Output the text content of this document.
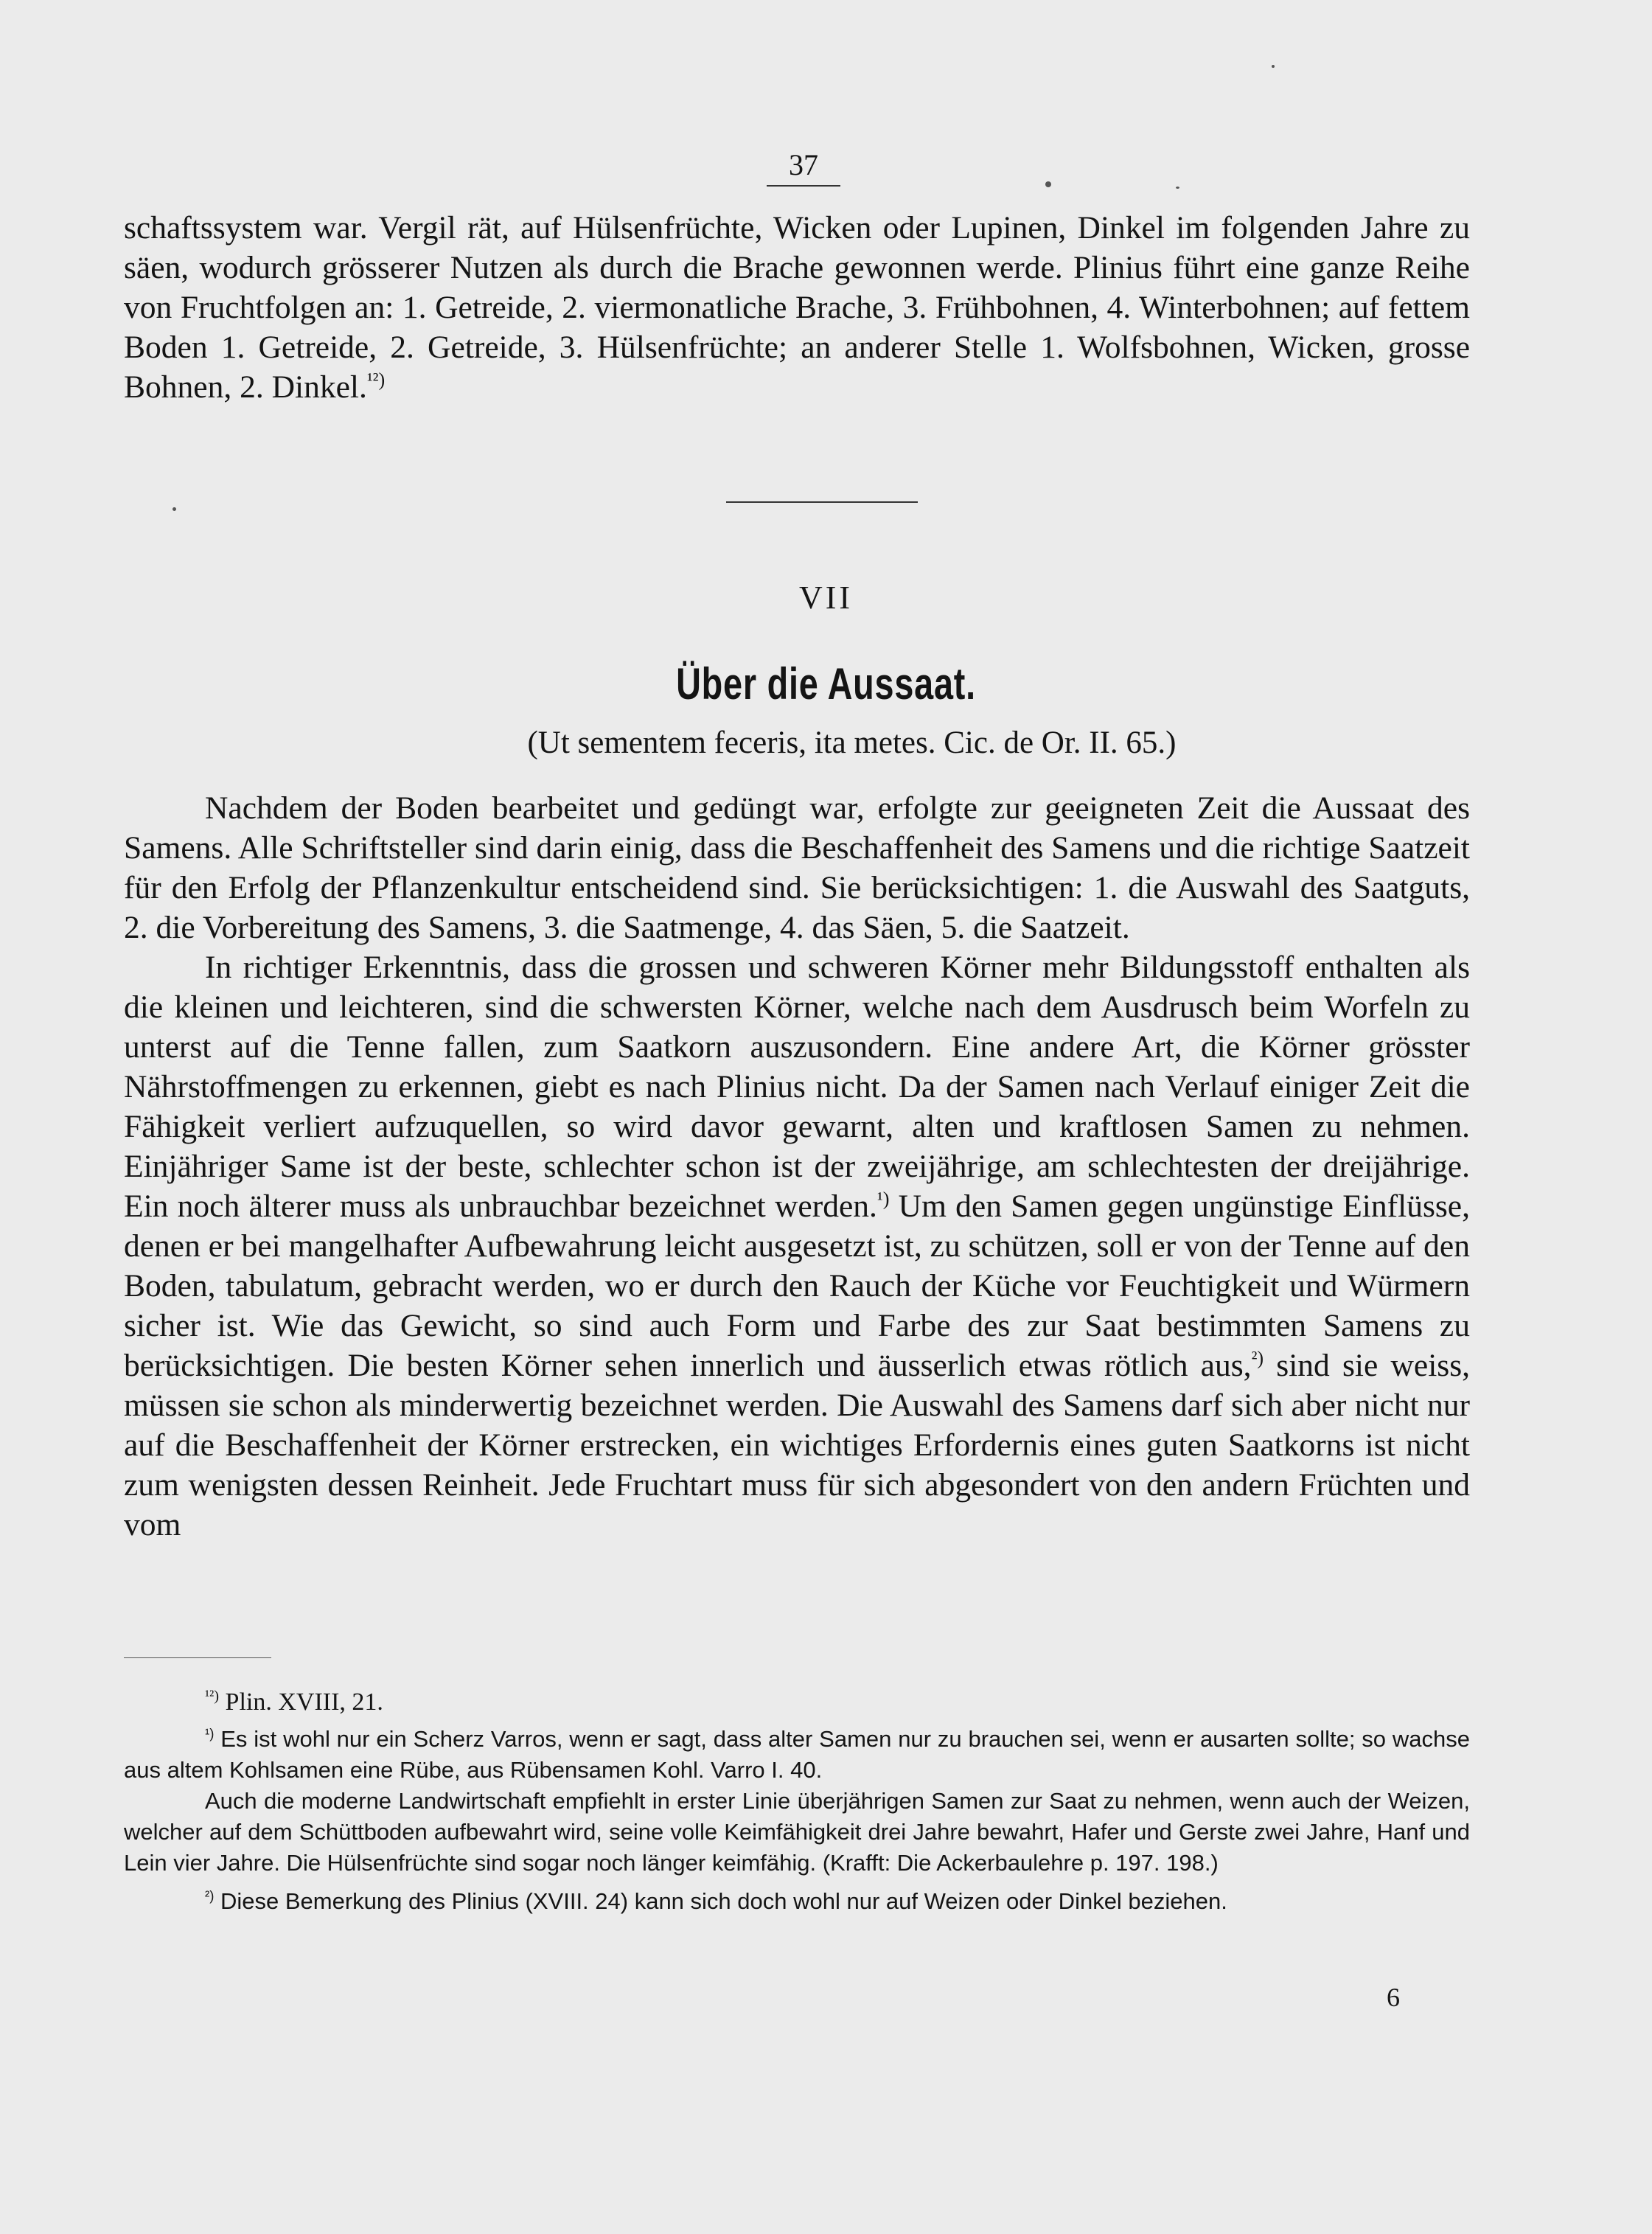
37

schaftssystem war. Vergil rät, auf Hülsenfrüchte, Wicken oder Lupinen, Dinkel im folgenden Jahre zu säen, wodurch grösserer Nutzen als durch die Brache gewonnen werde. Plinius führt eine ganze Reihe von Fruchtfolgen an: 1. Getreide, 2. viermonatliche Brache, 3. Frühbohnen, 4. Winterbohnen; auf fettem Boden 1. Getreide, 2. Getreide, 3. Hülsenfrüchte; an anderer Stelle 1. Wolfsbohnen, Wicken, grosse Bohnen, 2. Dinkel.$^{^{12})}$

VII
Über die Aussaat.
(Ut sementem feceris, ita metes. Cic. de Or. II. 65.)

Nachdem der Boden bearbeitet und gedüngt war, erfolgte zur geeigneten Zeit die Aussaat des Samens. Alle Schriftsteller sind darin einig, dass die Beschaffenheit des Samens und die richtige Saatzeit für den Erfolg der Pflanzenkultur entscheidend sind. Sie berücksichtigen: 1. die Auswahl des Saatguts, 2. die Vorbereitung des Samens, 3. die Saatmenge, 4. das Säen, 5. die Saatzeit.

In richtiger Erkenntnis, dass die grossen und schweren Körner mehr Bildungsstoff enthalten als die kleinen und leichteren, sind die schwersten Körner, welche nach dem Ausdrusch beim Worfeln zu unterst auf die Tenne fallen, zum Saatkorn auszusondern. Eine andere Art, die Körner grösster Nährstoffmengen zu erkennen, giebt es nach Plinius nicht. Da der Samen nach Verlauf einiger Zeit die Fähigkeit verliert aufzuquellen, so wird davor gewarnt, alten und kraftlosen Samen zu nehmen. Einjähriger Same ist der beste, schlechter schon ist der zweijährige, am schlechtesten der dreijährige. Ein noch älterer muss als unbrauchbar bezeichnet werden.$^{^1)}$ Um den Samen gegen ungünstige Einflüsse, denen er bei mangelhafter Aufbewahrung leicht ausgesetzt ist, zu schützen, soll er von der Tenne auf den Boden, tabulatum, gebracht werden, wo er durch den Rauch der Küche vor Feuchtigkeit und Würmern sicher ist. Wie das Gewicht, so sind auch Form und Farbe des zur Saat bestimmten Samens zu berücksichtigen. Die besten Körner sehen innerlich und äusserlich etwas rötlich aus,$^{^2)}$ sind sie weiss, müssen sie schon als minderwertig bezeichnet werden. Die Auswahl des Samens darf sich aber nicht nur auf die Beschaffenheit der Körner erstrecken, ein wichtiges Erfordernis eines guten Saatkorns ist nicht zum wenigsten dessen Reinheit. Jede Fruchtart muss für sich abgesondert von den andern Früchten und vom

$^{^{12})}$ Plin. XVIII, 21.

$^{^1)}$ Es ist wohl nur ein Scherz Varros, wenn er sagt, dass alter Samen nur zu brauchen sei, wenn er ausarten sollte; so wachse aus altem Kohlsamen eine Rübe, aus Rübensamen Kohl. Varro I. 40.

Auch die moderne Landwirtschaft empfiehlt in erster Linie überjährigen Samen zur Saat zu nehmen, wenn auch der Weizen, welcher auf dem Schüttboden aufbewahrt wird, seine volle Keimfähigkeit drei Jahre bewahrt, Hafer und Gerste zwei Jahre, Hanf und Lein vier Jahre. Die Hülsenfrüchte sind sogar noch länger keimfähig. (Krafft: Die Ackerbaulehre p. 197. 198.)

$^{^2)}$ Diese Bemerkung des Plinius (XVIII. 24) kann sich doch wohl nur auf Weizen oder Dinkel beziehen.

6
